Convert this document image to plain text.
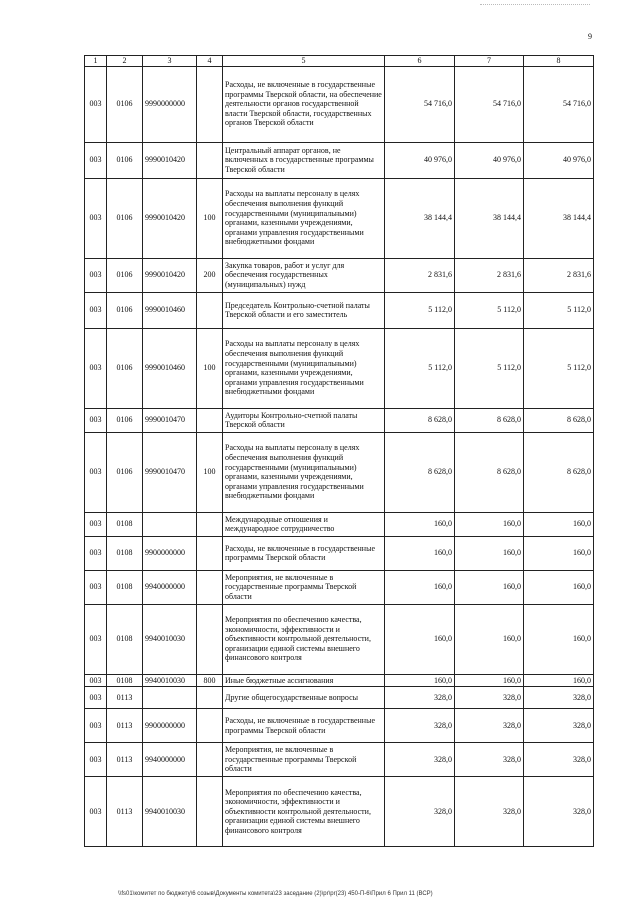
9
1	2	3	4	5	6	7	8
003	0106	9990000000		Расходы, не включенные в государственные программы Тверской области, на обеспечение деятельности органов государственной власти Тверской области, государственных органов Тверской области	54 716,0	54 716,0	54 716,0
003	0106	9990010420		Центральный аппарат органов, не включенных в государственные программы Тверской области	40 976,0	40 976,0	40 976,0
003	0106	9990010420	100	Расходы на выплаты персоналу в целях обеспечения выполнения функций государственными (муниципальными) органами, казенными учреждениями, органами управления государственными внебюджетными фондами	38 144,4	38 144,4	38 144,4
003	0106	9990010420	200	Закупка товаров, работ и услуг для обеспечения государственных (муниципальных) нужд	2 831,6	2 831,6	2 831,6
003	0106	9990010460		Председатель Контрольно-счетной палаты Тверской области и его заместитель	5 112,0	5 112,0	5 112,0
003	0106	9990010460	100	Расходы на выплаты персоналу в целях обеспечения выполнения функций государственными (муниципальными) органами, казенными учреждениями, органами управления государственными внебюджетными фондами	5 112,0	5 112,0	5 112,0
003	0106	9990010470		Аудиторы Контрольно-счетной палаты Тверской области	8 628,0	8 628,0	8 628,0
003	0106	9990010470	100	Расходы на выплаты персоналу в целях обеспечения выполнения функций государственными (муниципальными) органами, казенными учреждениями, органами управления государственными внебюджетными фондами	8 628,0	8 628,0	8 628,0
003	0108			Международные отношения и международное сотрудничество	160,0	160,0	160,0
003	0108	9900000000		Расходы, не включенные в государственные программы Тверской области	160,0	160,0	160,0
003	0108	9940000000		Мероприятия, не включенные в государственные программы Тверской области	160,0	160,0	160,0
003	0108	9940010030		Мероприятия по обеспечению качества, экономичности, эффективности и объективности контрольной деятельности, организации единой системы внешнего финансового контроля	160,0	160,0	160,0
003	0108	9940010030	800	Иные бюджетные ассигнования	160,0	160,0	160,0
003	0113			Другие общегосударственные вопросы	328,0	328,0	328,0
003	0113	9900000000		Расходы, не включенные в государственные программы Тверской области	328,0	328,0	328,0
003	0113	9940000000		Мероприятия, не включенные в государственные программы Тверской области	328,0	328,0	328,0
003	0113	9940010030		Мероприятия по обеспечению качества, экономичности, эффективности и объективности контрольной деятельности, организации единой системы внешнего финансового контроля	328,0	328,0	328,0
\\fs01\комитет по бюджету\6 созыв\Документы комитета\23 заседание (2)\pr\pr(23) 450-П-6\Прил 6 Прил 11 (ВСР)
